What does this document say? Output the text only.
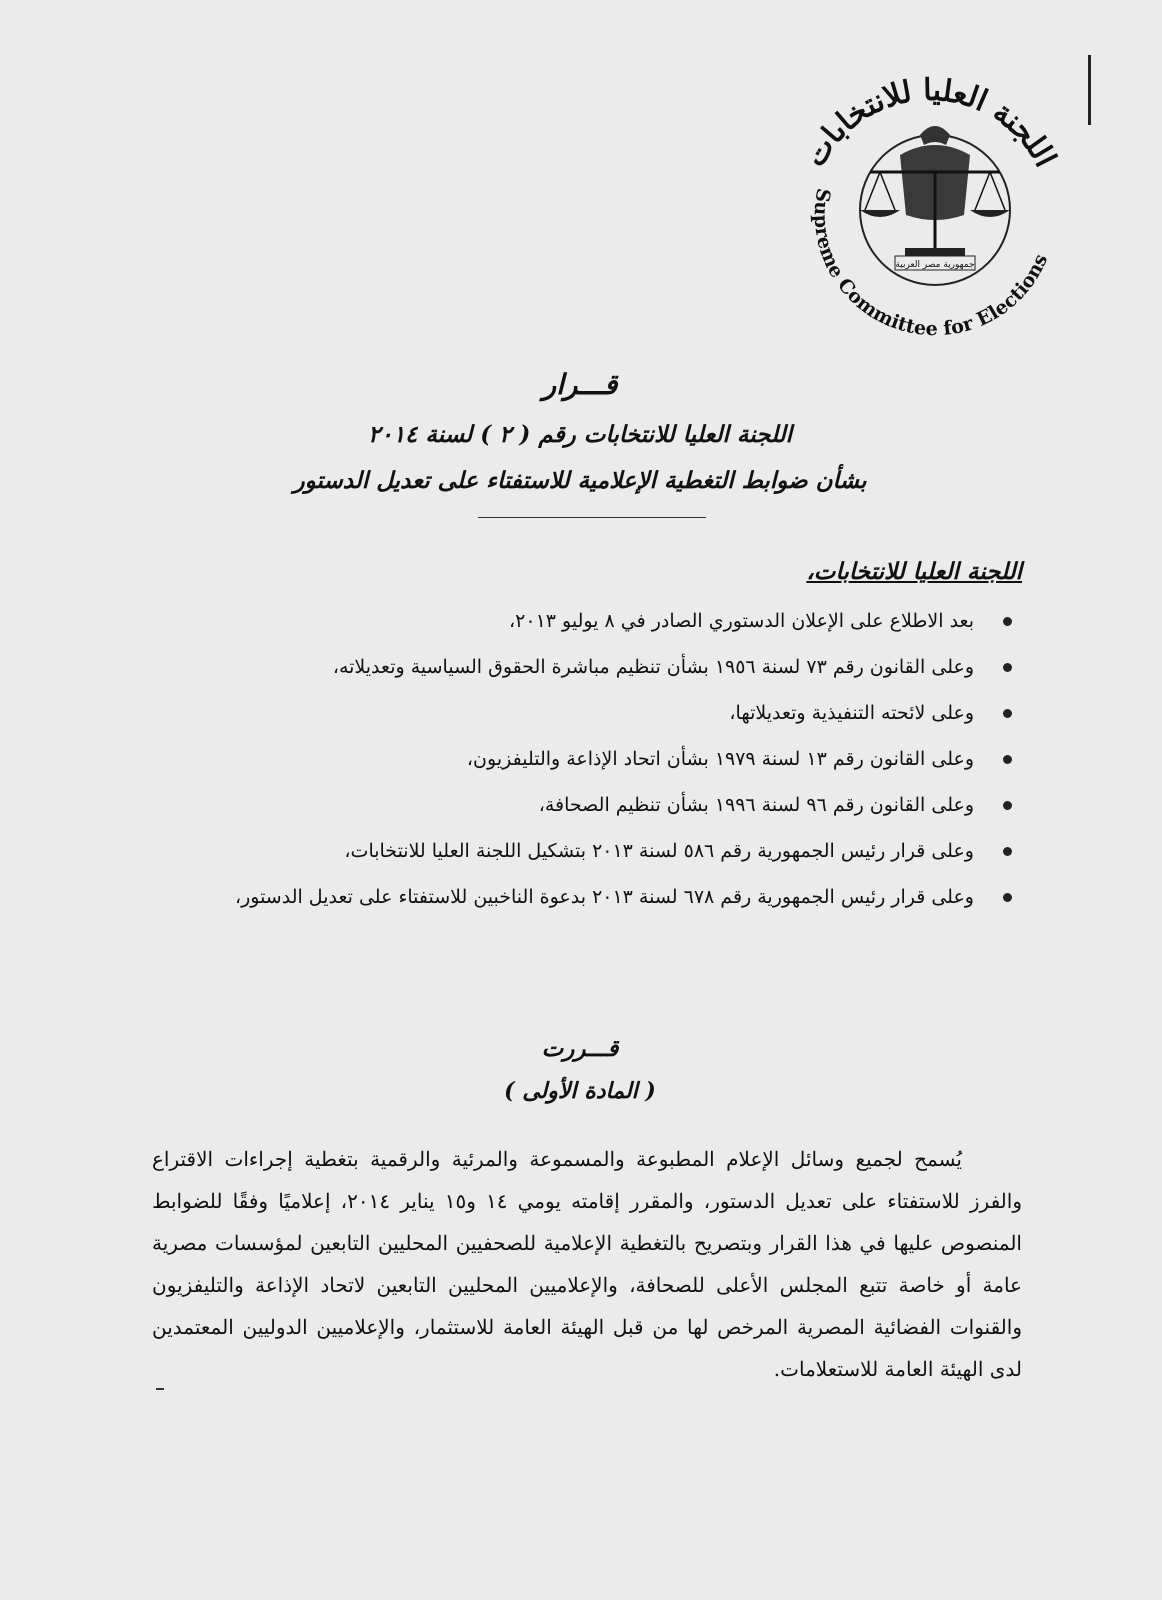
اللجنة العليا للانتخابات
Supreme Committee for Elections
جمهورية مصر العربية

قـــرار

اللجنة العليا للانتخابات رقم ( ٢ ) لسنة ٢٠١٤

بشأن ضوابط التغطية الإعلامية للاستفتاء على تعديل الدستور

اللجنة العليا للانتخابات،
بعد الاطلاع على الإعلان الدستوري الصادر في ٨ يوليو ٢٠١٣،
وعلى القانون رقم ٧٣ لسنة ١٩٥٦ بشأن تنظيم مباشرة الحقوق السياسية وتعديلاته،
وعلى لائحته التنفيذية وتعديلاتها،
وعلى القانون رقم ١٣ لسنة ١٩٧٩ بشأن اتحاد الإذاعة والتليفزيون،
وعلى القانون رقم ٩٦ لسنة ١٩٩٦ بشأن تنظيم الصحافة،
وعلى قرار رئيس الجمهورية رقم ٥٨٦ لسنة ٢٠١٣ بتشكيل اللجنة العليا للانتخابات،
وعلى قرار رئيس الجمهورية رقم ٦٧٨ لسنة ٢٠١٣ بدعوة الناخبين للاستفتاء على تعديل الدستور،
قـــررت
( المادة الأولى )

يُسمح لجميع وسائل الإعلام المطبوعة والمسموعة والمرئية والرقمية بتغطية إجراءات الاقتراع والفرز للاستفتاء على تعديل الدستور، والمقرر إقامته يومي ١٤ و١٥ يناير ٢٠١٤، إعلاميًا وفقًا للضوابط المنصوص عليها في هذا القرار وبتصريح بالتغطية الإعلامية للصحفيين المحليين التابعين لمؤسسات مصرية عامة أو خاصة تتبع المجلس الأعلى للصحافة، والإعلاميين المحليين التابعين لاتحاد الإذاعة والتليفزيون والقنوات الفضائية المصرية المرخص لها من قبل الهيئة العامة للاستثمار، والإعلاميين الدوليين المعتمدين لدى الهيئة العامة للاستعلامات.
